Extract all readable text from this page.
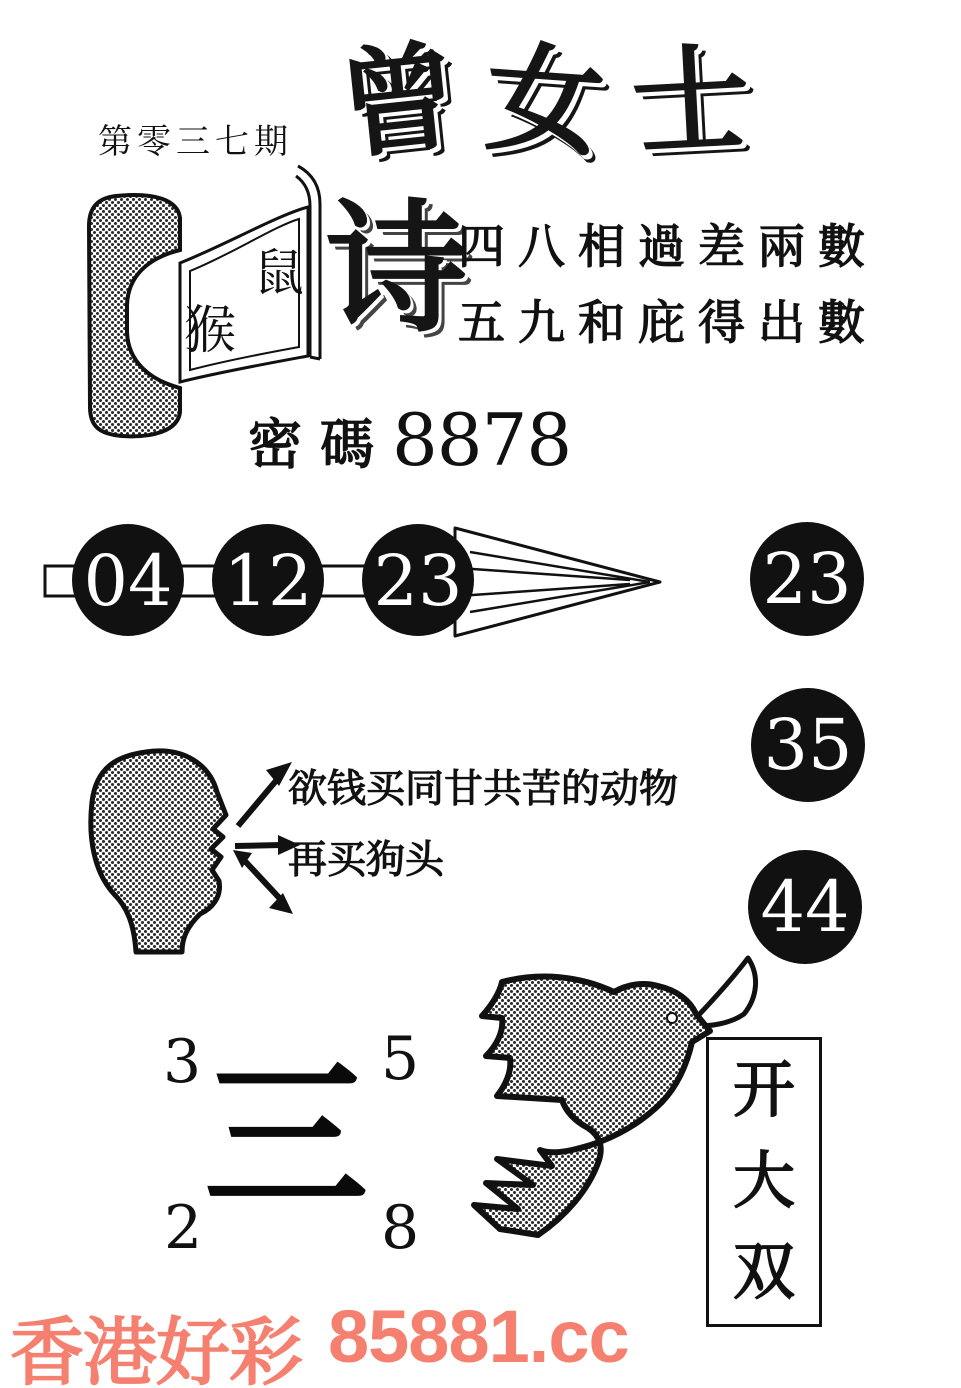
第零三七期 曾 女 士
鼠
猴 诗
四八相過差兩數
五九和庇得出數
密碼 8878
04 12 23	23
35
44
欲钱买同甘共苦的动物
再买狗头
3	5
2	8
三	开
大
双
香港好彩 85881.cc
